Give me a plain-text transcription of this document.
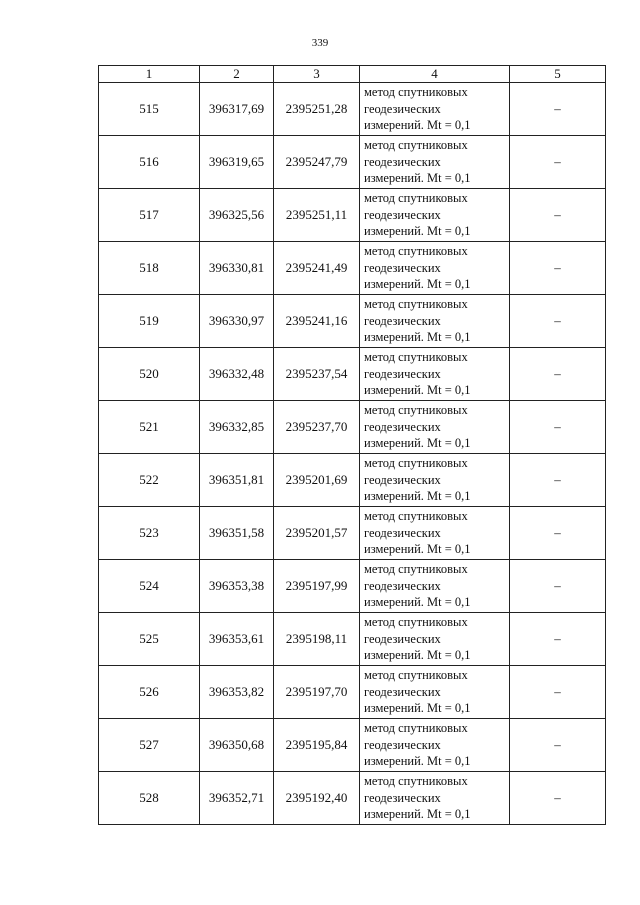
339
1	2	3	4	5
515	396317,69	2395251,28	метод спутниковых
геодезических
измерений. Mt = 0,1	–
516	396319,65	2395247,79	метод спутниковых
геодезических
измерений. Mt = 0,1	–
517	396325,56	2395251,11	метод спутниковых
геодезических
измерений. Mt = 0,1	–
518	396330,81	2395241,49	метод спутниковых
геодезических
измерений. Mt = 0,1	–
519	396330,97	2395241,16	метод спутниковых
геодезических
измерений. Mt = 0,1	–
520	396332,48	2395237,54	метод спутниковых
геодезических
измерений. Mt = 0,1	–
521	396332,85	2395237,70	метод спутниковых
геодезических
измерений. Mt = 0,1	–
522	396351,81	2395201,69	метод спутниковых
геодезических
измерений. Mt = 0,1	–
523	396351,58	2395201,57	метод спутниковых
геодезических
измерений. Mt = 0,1	–
524	396353,38	2395197,99	метод спутниковых
геодезических
измерений. Mt = 0,1	–
525	396353,61	2395198,11	метод спутниковых
геодезических
измерений. Mt = 0,1	–
526	396353,82	2395197,70	метод спутниковых
геодезических
измерений. Mt = 0,1	–
527	396350,68	2395195,84	метод спутниковых
геодезических
измерений. Mt = 0,1	–
528	396352,71	2395192,40	метод спутниковых
геодезических
измерений. Mt = 0,1	–
